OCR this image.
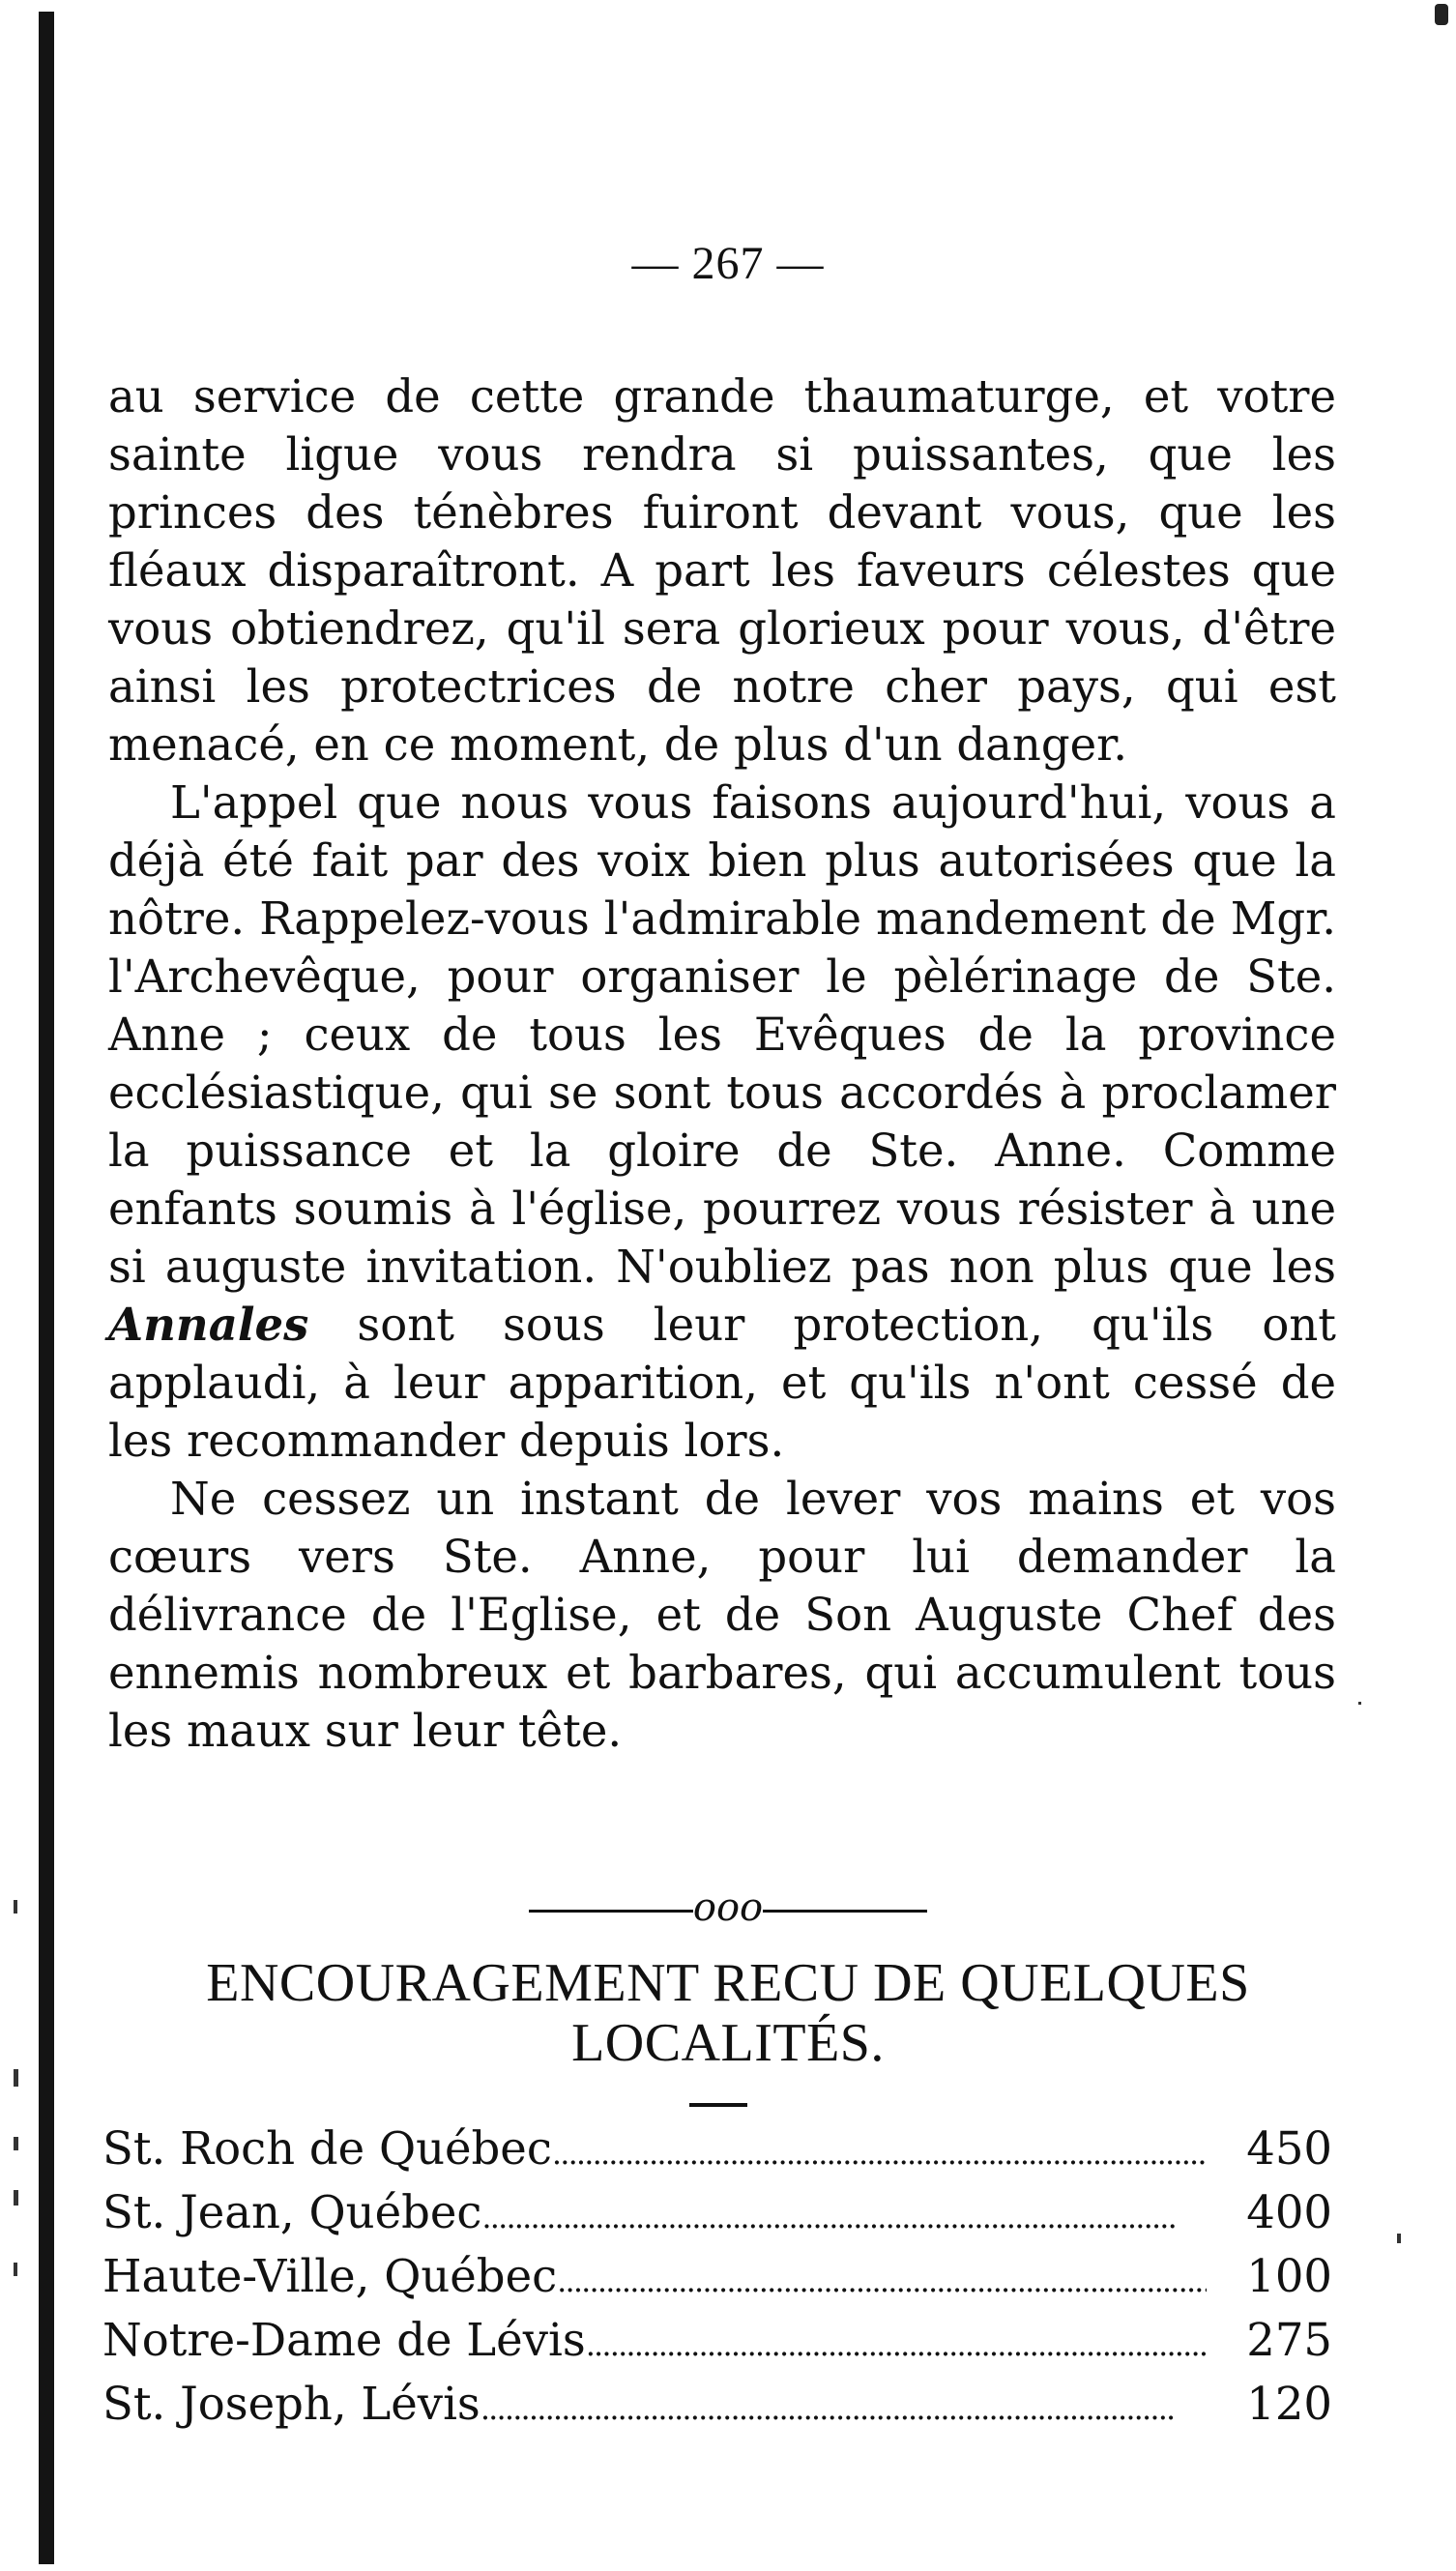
— 267 —

au service de cette grande thaumaturge, et votre sainte ligue vous rendra si puissantes, que les princes des ténèbres fuiront devant vous, que les fléaux disparaîtront. A part les faveurs célestes que vous obtiendrez, qu'il sera glorieux pour vous, d'être ainsi les protectrices de notre cher pays, qui est menacé, en ce moment, de plus d'un danger.

L'appel que nous vous faisons aujourd'hui, vous a déjà été fait par des voix bien plus autorisées que la nôtre. Rappelez-vous l'admirable mandement de Mgr. l'Archevêque, pour organiser le pèlérinage de Ste. Anne ; ceux de tous les Evêques de la province ecclésiastique, qui se sont tous accordés à proclamer la puissance et la gloire de Ste. Anne. Comme enfants soumis à l'église, pourrez vous résister à une si auguste invitation. N'oubliez pas non plus que les Annales sont sous leur protection, qu'ils ont applaudi, à leur apparition, et qu'ils n'ont cessé de les recommander depuis lors.

Ne cessez un instant de lever vos mains et vos cœurs vers Ste. Anne, pour lui demander la délivrance de l'Eglise, et de Son Auguste Chef des ennemis nombreux et barbares, qui accumulent tous les maux sur leur tête.

ooo
ENCOURAGEMENT RECU DE QUELQUES
LOCALITÉS.
St. Roch de Québec . . .	450
St. Jean, Québec . . .	400
Haute-Ville, Québec . . .	100
Notre-Dame de Lévis . . .	275
St. Joseph, Lévis . . .	120
